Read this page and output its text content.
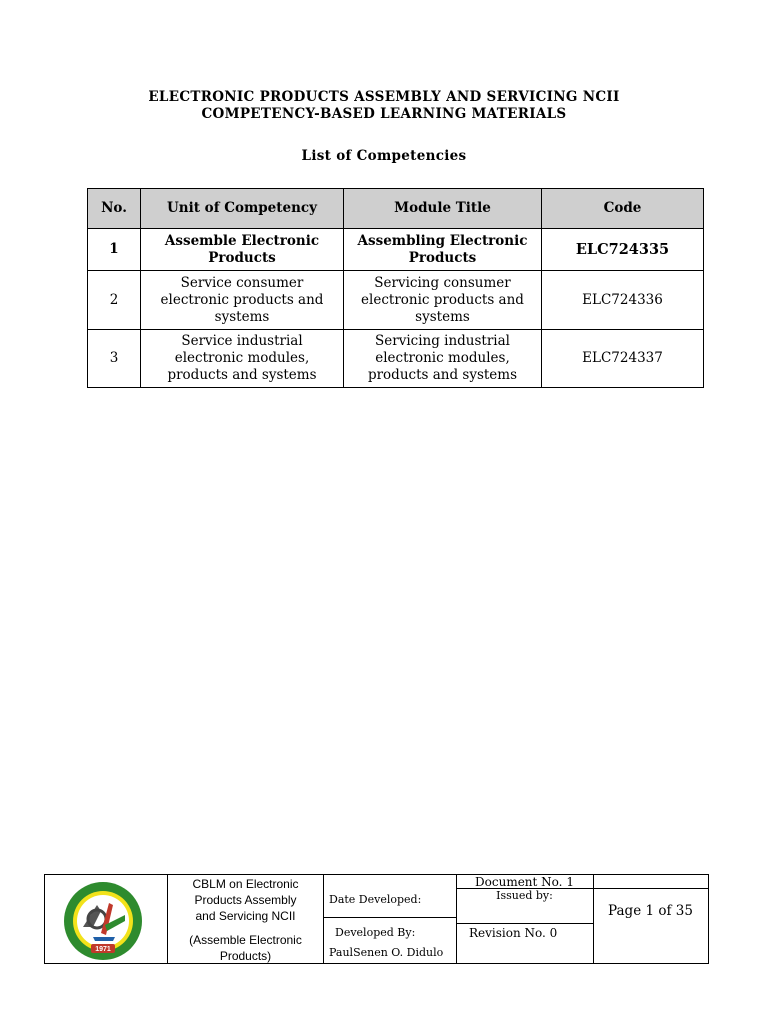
ELECTRONIC PRODUCTS ASSEMBLY AND SERVICING NCII
COMPETENCY-BASED LEARNING MATERIALS
List of Competencies
No.	Unit of Competency	Module Title	Code
1	Assemble Electronic Products	Assembling Electronic Products	ELC724335
2	Service consumer electronic products and systems	Servicing consumer electronic products and systems	ELC724336
3	Service industrial electronic modules, products and systems	Servicing industrial electronic modules, products and systems	ELC724337
1971
CBLM on Electronic
Products Assembly
and Servicing NCII
(Assemble Electronic
Products)
Date Developed:
Developed By:
PaulSenen O. Didulo
Document No. 1
Issued by:
Revision No. 0
Page 1 of 35
